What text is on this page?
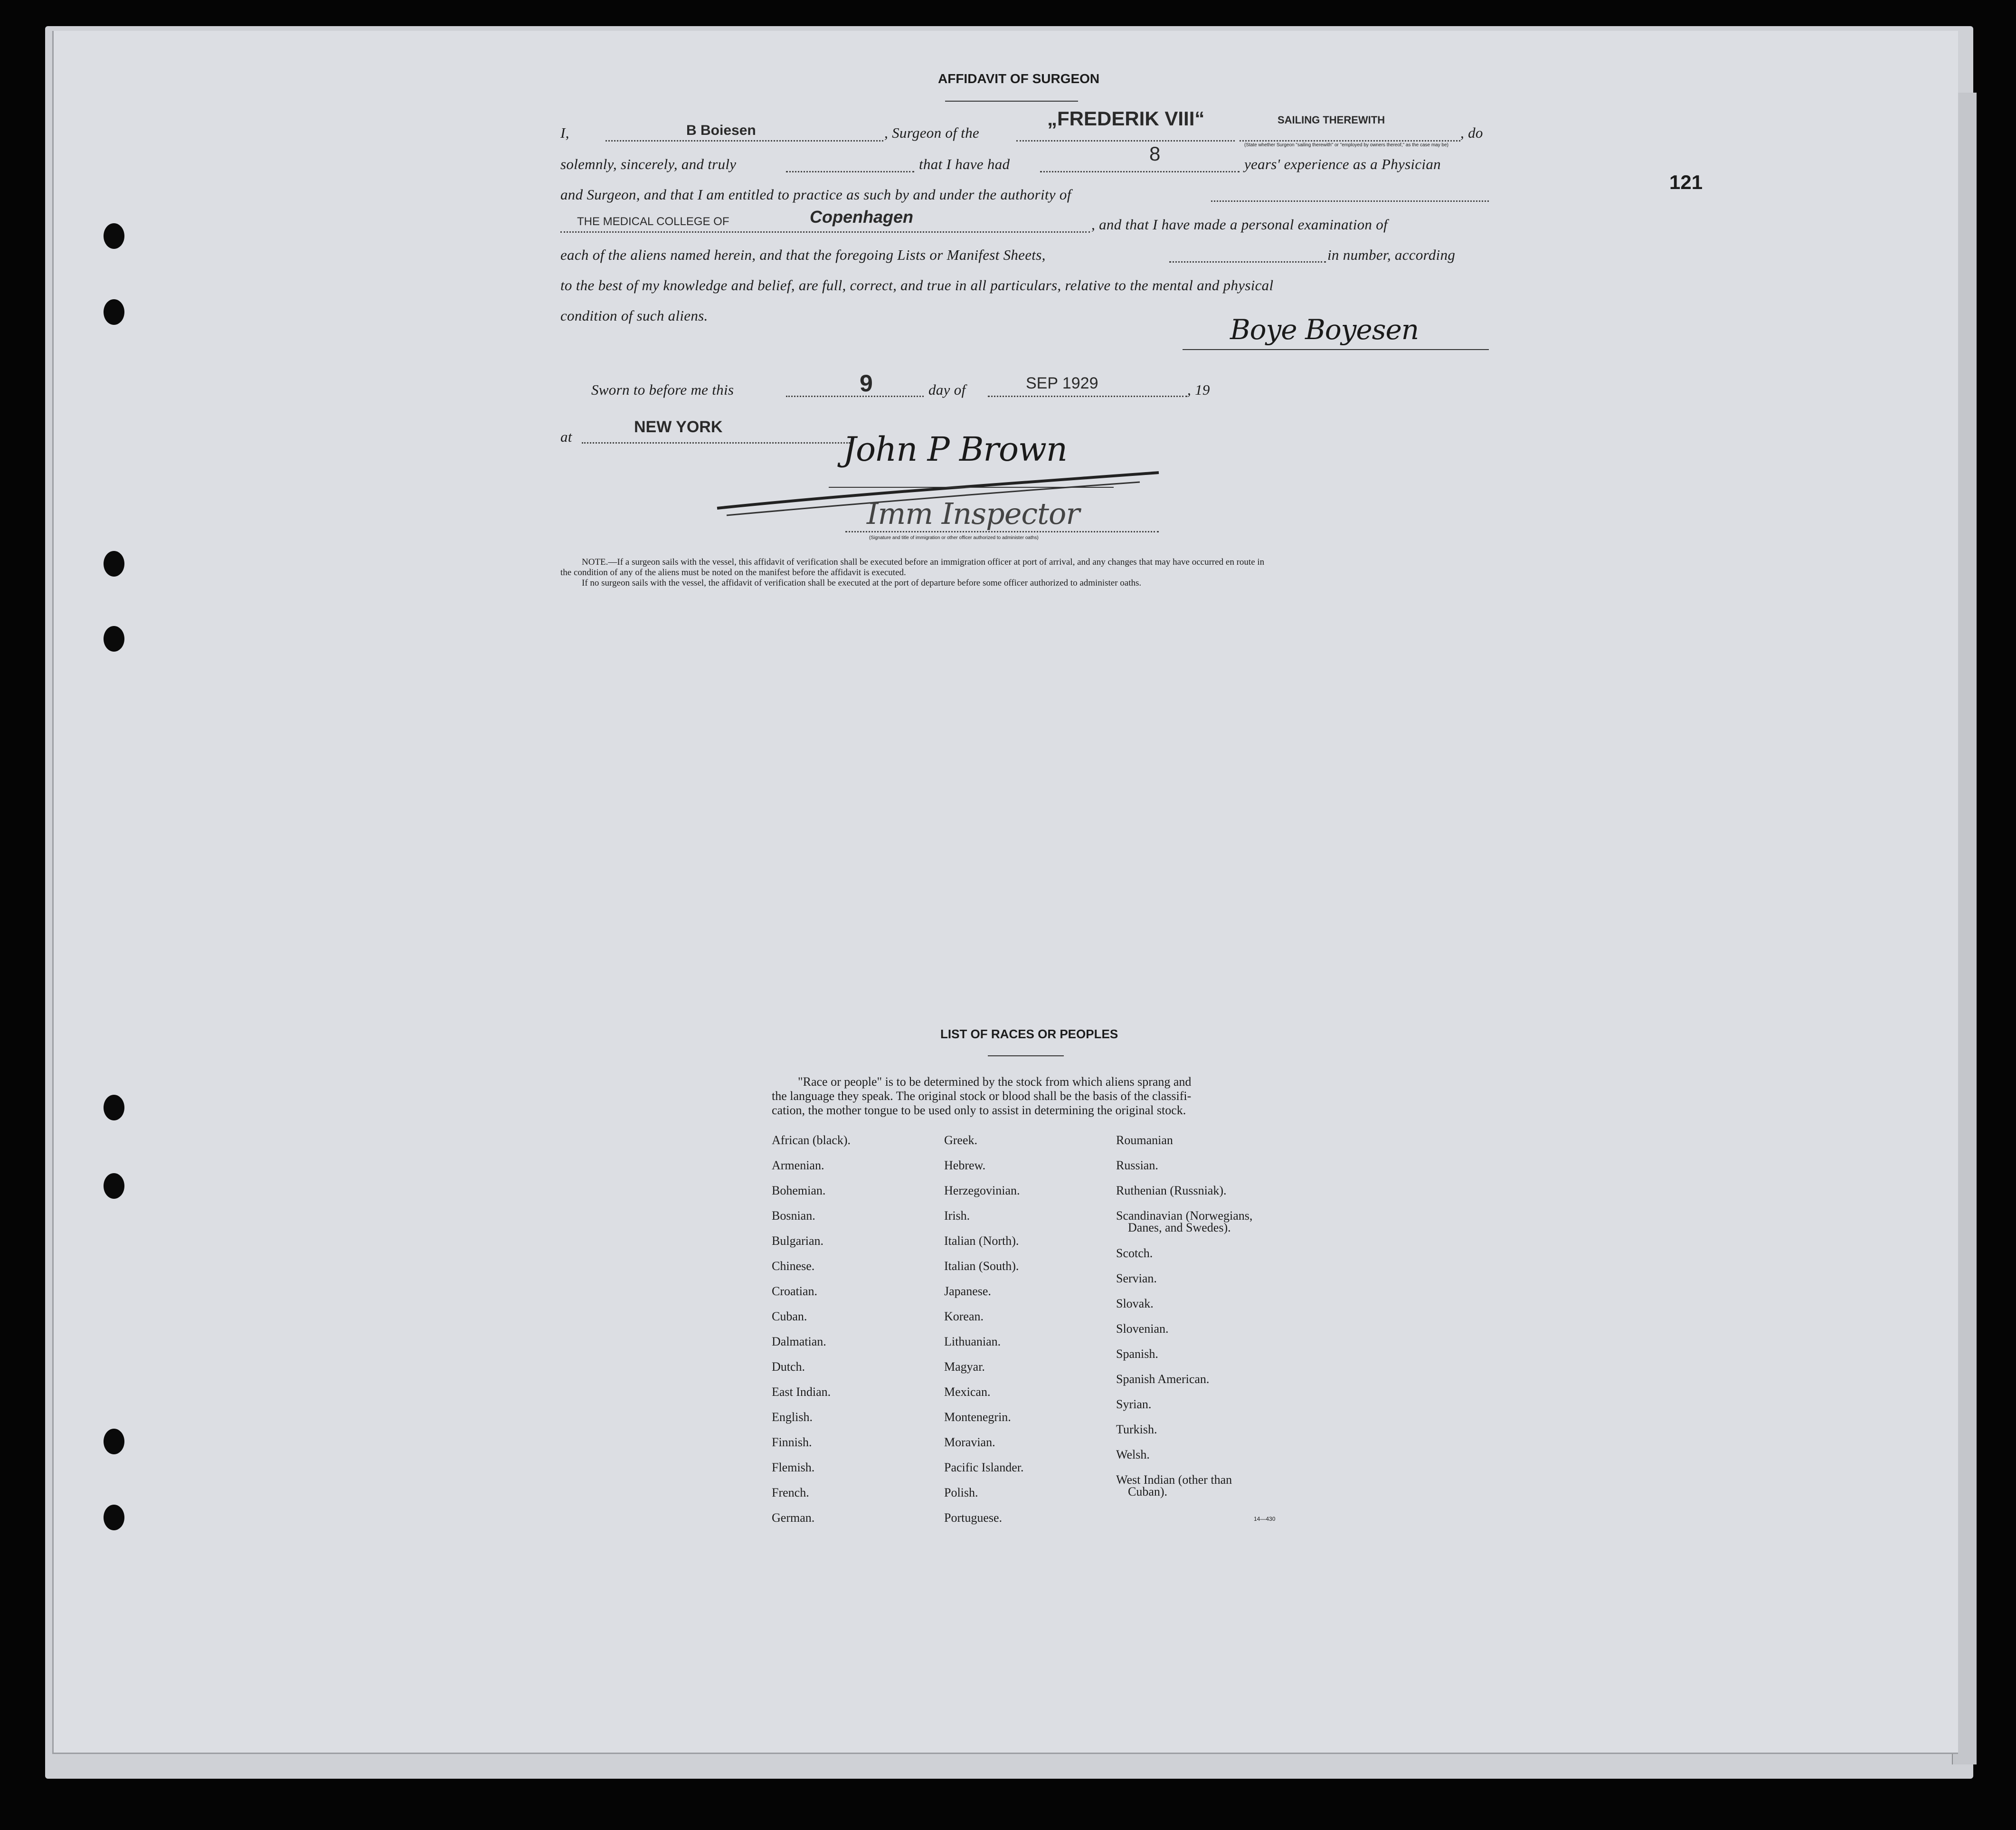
121
AFFIDAVIT OF SURGEON
I,	B Boiesen	, Surgeon of the
„FREDERIK VIII“	SAILING THEREWITH
, do
(State whether Surgeon "sailing therewith" or "employed by owners thereof," as the case may be)
solemnly, sincerely, and truly	that I have had	8	years' experience as a Physician
and Surgeon, and that I am entitled to practice as such by and under the authority of
THE MEDICAL COLLEGE OF	Copenhagen	, and that I have made a personal examination of
each of the aliens named herein, and that the foregoing Lists or Manifest Sheets,	in number, according
to the best of my knowledge and belief, are full, correct, and true in all particulars, relative to the mental and physical
condition of such aliens.	Boye Boyesen
Sworn to before me this	9	day of	SEP 1929	, 19
at
NEW YORK
John P Brown
Imm Inspector
(Signature and title of immigration or other officer authorized to administer oaths)
NOTE.—If a surgeon sails with the vessel, this affidavit of verification shall be executed before an immigration officer at port of arrival, and any changes that may have occurred en route in
the condition of any of the aliens must be noted on the manifest before the affidavit is executed.
If no surgeon sails with the vessel, the affidavit of verification shall be executed at the port of departure before some officer authorized to administer oaths.
LIST OF RACES OR PEOPLES
"Race or people" is to be determined by the stock from which aliens sprang and
the language they speak. The original stock or blood shall be the basis of the classifi-
cation, the mother tongue to be used only to assist in determining the original stock.
African (black).
Armenian.
Bohemian.
Bosnian.
Bulgarian.
Chinese.
Croatian.
Cuban.
Dalmatian.
Dutch.
East Indian.
English.
Finnish.
Flemish.
French.
German.
Greek.
Hebrew.
Herzegovinian.
Irish.
Italian (North).
Italian (South).
Japanese.
Korean.
Lithuanian.
Magyar.
Mexican.
Montenegrin.
Moravian.
Pacific Islander.
Polish.
Portuguese.
Roumanian
Russian.
Ruthenian (Russniak).
Scandinavian (Norwegians,
Danes, and Swedes).
Scotch.
Servian.
Slovak.
Slovenian.
Spanish.
Spanish American.
Syrian.
Turkish.
Welsh.
West Indian (other than
Cuban).
14—430
